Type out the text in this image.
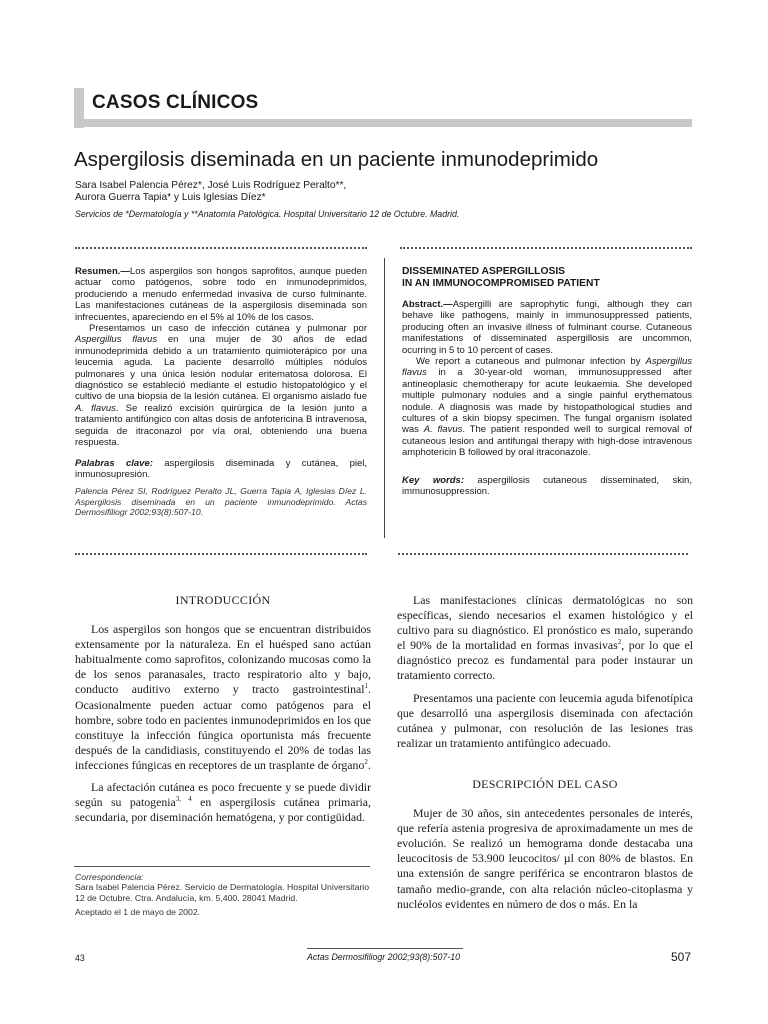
CASOS CLÍNICOS
Aspergilosis diseminada en un paciente inmunodeprimido
Sara Isabel Palencia Pérez*, José Luis Rodríguez Peralto**,
Aurora Guerra Tapia* y Luis Iglesias Díez*
Servicios de *Dermatología y **Anatomía Patológica. Hospital Universitario 12 de Octubre. Madrid.

Resumen.—Los aspergilos son hongos saprofitos, aunque pueden actuar como patógenos, sobre todo en inmunodeprimidos, produciendo a menudo enfermedad invasiva de curso fulminante. Las manifestaciones cutáneas de la aspergilosis diseminada son infrecuentes, apareciendo en el 5% al 10% de los casos.

Presentamos un caso de infección cutánea y pulmonar por Aspergillus flavus en una mujer de 30 años de edad inmunodeprimida debido a un tratamiento quimioterápico por una leucemia aguda. La paciente desarrolló múltiples nódulos pulmonares y una única lesión nodular eritematosa dolorosa. El diagnóstico se estableció mediante el estudio histopatológico y el cultivo de una biopsia de la lesión cutánea. El organismo aislado fue A. flavus. Se realizó excisión quirúrgica de la lesión junto a tratamiento antifúngico con altas dosis de anfotericina B intravenosa, seguida de itraconazol por vía oral, obteniendo una buena respuesta.

Palabras clave: aspergilosis diseminada y cutánea, piel, inmunosupresión.

Palencia Pérez SI, Rodríguez Peralto JL, Guerra Tapia A, Iglesias Díez L. Aspergilosis diseminada en un paciente inmunodeprimido. Actas Dermosifiliogr 2002;93(8):507-10.

DISSEMINATED ASPERGILLOSIS
IN AN IMMUNOCOMPROMISED PATIENT

Abstract.—Aspergilli are saprophytic fungi, although they can behave like pathogens, mainly in immunosuppressed patients, producing often an invasive illness of fulminant course. Cutaneous manifestations of disseminated aspergillosis are uncommon, ocurring in 5 to 10 percent of cases.

We report a cutaneous and pulmonar infection by Aspergillus flavus in a 30-year-old woman, immunosuppressed after antineoplasic chemotherapy for acute leukaemia. She developed multiple pulmonary nodules and a single painful erythematous nodule. A diagnosis was made by histopathological studies and cultures of a skin biopsy specimen. The fungal organism isolated was A. flavus. The patient responded well to surgical removal of cutaneous lesion and antifungal therapy with high-dose intravenous amphotericin B followed by oral itraconazole.

Key words: aspergillosis cutaneous disseminated, skin, immunosuppression.

INTRODUCCIÓN

Los aspergilos son hongos que se encuentran distribuidos extensamente por la naturaleza. En el huésped sano actúan habitualmente como saprofitos, colonizando mucosas como la de los senos paranasales, tracto respiratorio alto y bajo, conducto auditivo externo y tracto gastrointestinal$^1$. Ocasionalmente pueden actuar como patógenos para el hombre, sobre todo en pacientes inmunodeprimidos en los que constituye la infección fúngica oportunista más frecuente después de la candidiasis, constituyendo el 20% de todas las infecciones fúngicas en receptores de un trasplante de órgano$^2$.

La afectación cutánea es poco frecuente y se puede dividir según su patogenia$^{3, 4}$ en aspergilosis cutánea primaria, secundaria, por diseminación hematógena, y por contigüidad.

Las manifestaciones clínicas dermatológicas no son específicas, siendo necesarios el examen histológico y el cultivo para su diagnóstico. El pronóstico es malo, superando el 90% de la mortalidad en formas invasivas$^2$, por lo que el diagnóstico precoz es fundamental para poder instaurar un tratamiento correcto.

Presentamos una paciente con leucemia aguda bifenotípica que desarrolló una aspergilosis diseminada con afectación cutánea y pulmonar, con resolución de las lesiones tras realizar un tratamiento antifúngico adecuado.

DESCRIPCIÓN DEL CASO

Mujer de 30 años, sin antecedentes personales de interés, que refería astenia progresiva de aproximadamente un mes de evolución. Se realizó un hemograma donde destacaba una leucocitosis de 53.900 leucocitos/ µl con 80% de blastos. En una extensión de sangre periférica se encontraron blastos de tamaño medio-grande, con alta relación núcleo-citoplasma y nucléolos evidentes en número de dos o más. En la

Correspondencia:

Sara Isabel Palencia Pérez. Servicio de Dermatología. Hospital Universitario 12 de Octubre. Ctra. Andalucía, km. 5,400. 28041 Madrid.

Aceptado el 1 de mayo de 2002.

43	Actas Dermosifiliogr 2002;93(8):507-10	507
